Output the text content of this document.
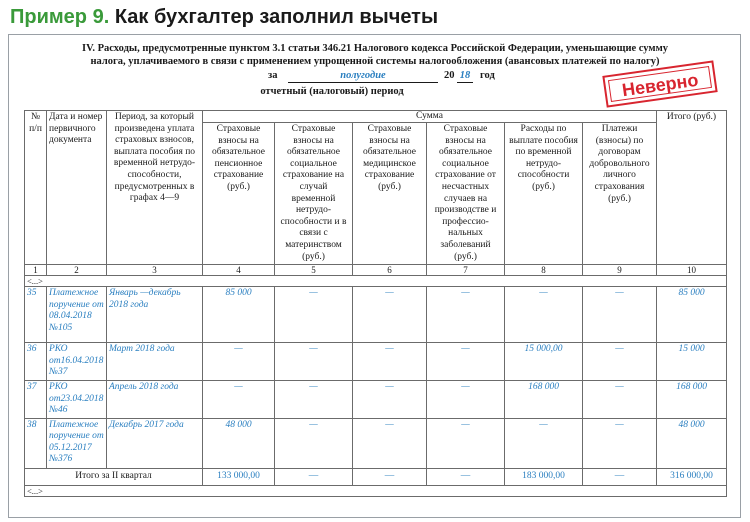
Пример 9. Как бухгалтер заполнил вычеты
IV. Расходы, предусмотренные пунктом 3.1 статьи 346.21 Налогового кодекса Российской Федерации, уменьшающие сумму
налога, уплачиваемого в связи с применением упрощенной системы налогообложения (авансовых платежей по налогу)
за	полугодие	20 18 год
отчетный (налоговый) период	Неверно
№ п/п	Дата и номер первичного документа	Период, за который произведена уплата страховых взносов, выплата пособия по временной нетрудо-способности, предусмотренных в графах 4—9	Сумма						Итого (руб.)
			Страховые взносы на обязательное пенсионное страхование (руб.)	Страховые взносы на обязательное социальное страхование на случай временной нетрудо-способности и в связи с материнством (руб.)	Страховые взносы на обязательное медицинское страхование (руб.)	Страховые взносы на обязательное социальное страхование от несчастных случаев на производстве и профессио-нальных заболеваний (руб.)	Расходы по выплате пособия по временной нетрудо-способности (руб.)	Платежи (взносы) по договорам добровольного личного страхования (руб.)	
1	2	3	4	5	6	7	8	9	10
<...>									
35	Платежное поручение от 08.04.2018 №105	Январь —декабрь 2018 года	85 000	—	—	—	—	—	85 000
36	РКО от16.04.2018 №37	Март 2018 года	—	—	—	—	15 000,00	—	15 000
37	РКО от23.04.2018 №46	Апрель 2018 года	—	—	—	—	168 000	—	168 000
38	Платежное поручение от 05.12.2017 №376	Декабрь 2017 года	48 000	—	—	—	—	—	48 000
Итого за II квартал			133 000,00	—	—	—	183 000,00	—	316 000,00
<...>									
